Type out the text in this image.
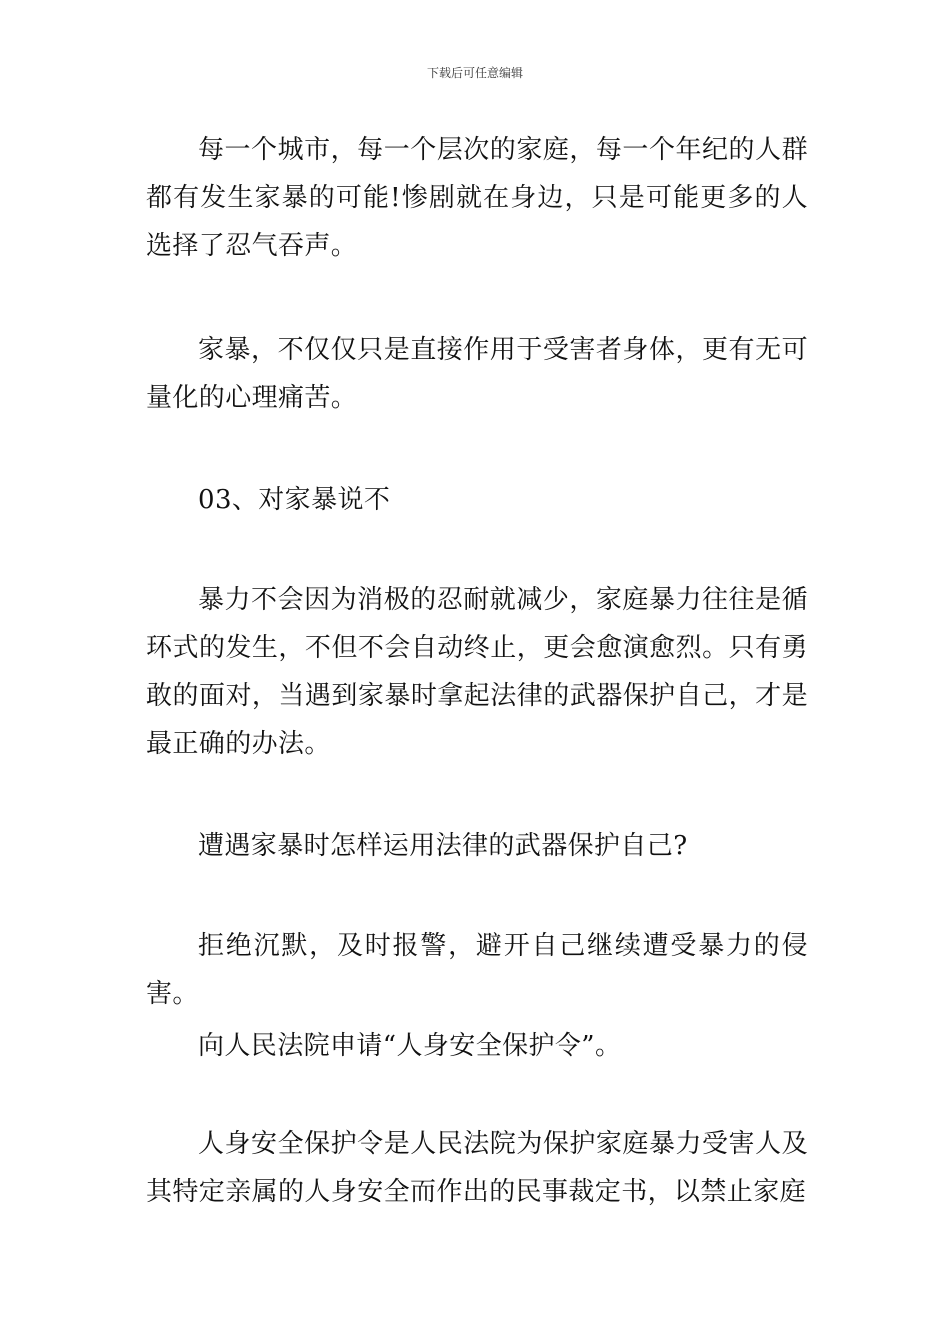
下载后可任意编辑

每一个城市，每一个层次的家庭，每一个年纪的人群都有发生家暴的可能!惨剧就在身边，只是可能更多的人选择了忍气吞声。

家暴，不仅仅只是直接作用于受害者身体，更有无可量化的心理痛苦。

03、对家暴说不

暴力不会因为消极的忍耐就减少，家庭暴力往往是循环式的发生，不但不会自动终止，更会愈演愈烈。只有勇敢的面对，当遇到家暴时拿起法律的武器保护自己，才是最正确的办法。

遭遇家暴时怎样运用法律的武器保护自己?

拒绝沉默，及时报警，避开自己继续遭受暴力的侵害。

向人民法院申请“人身安全保护令”。

人身安全保护令是人民法院为保护家庭暴力受害人及其特定亲属的人身安全而作出的民事裁定书，以禁止家庭
